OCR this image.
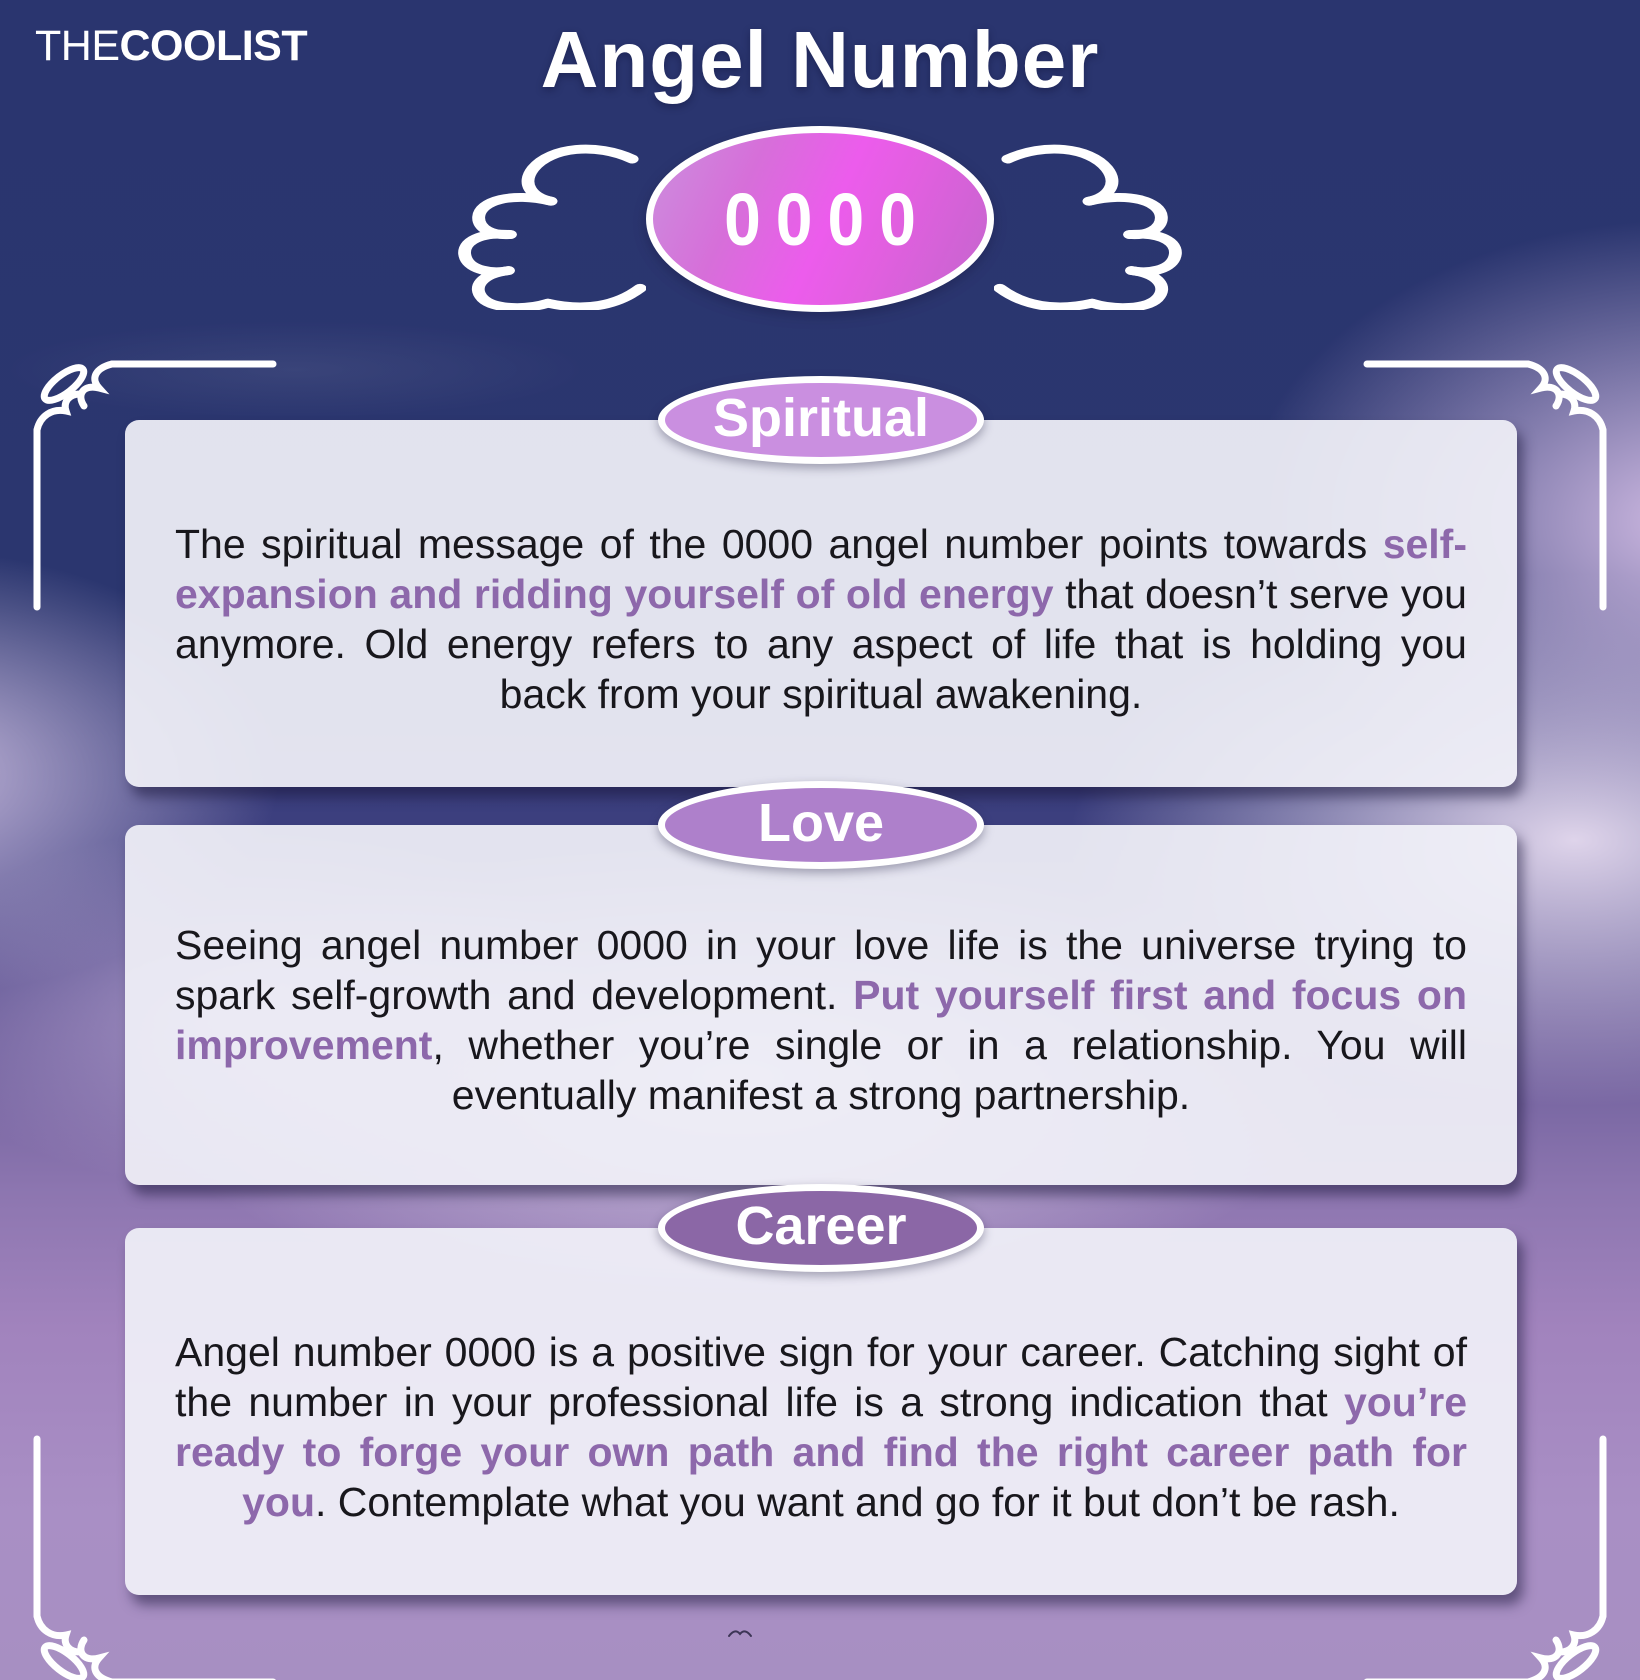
THECOOLIST	Angel Number
0000
Spiritual

The spiritual message of the 0000 angel number points towards self-expansion and ridding yourself of old energy that doesn’t serve you anymore. Old energy refers to any aspect of life that is holding you back from your spiritual awakening.

Love

Seeing angel number 0000 in your love life is the universe trying to spark self-growth and development. Put yourself first and focus on improvement, whether you’re single or in a relationship. You will eventually manifest a strong partnership.

Career

Angel number 0000 is a positive sign for your career. Catching sight of the number in your professional life is a strong indication that you’re ready to forge your own path and find the right career path for you. Contemplate what you want and go for it but don’t be rash.
